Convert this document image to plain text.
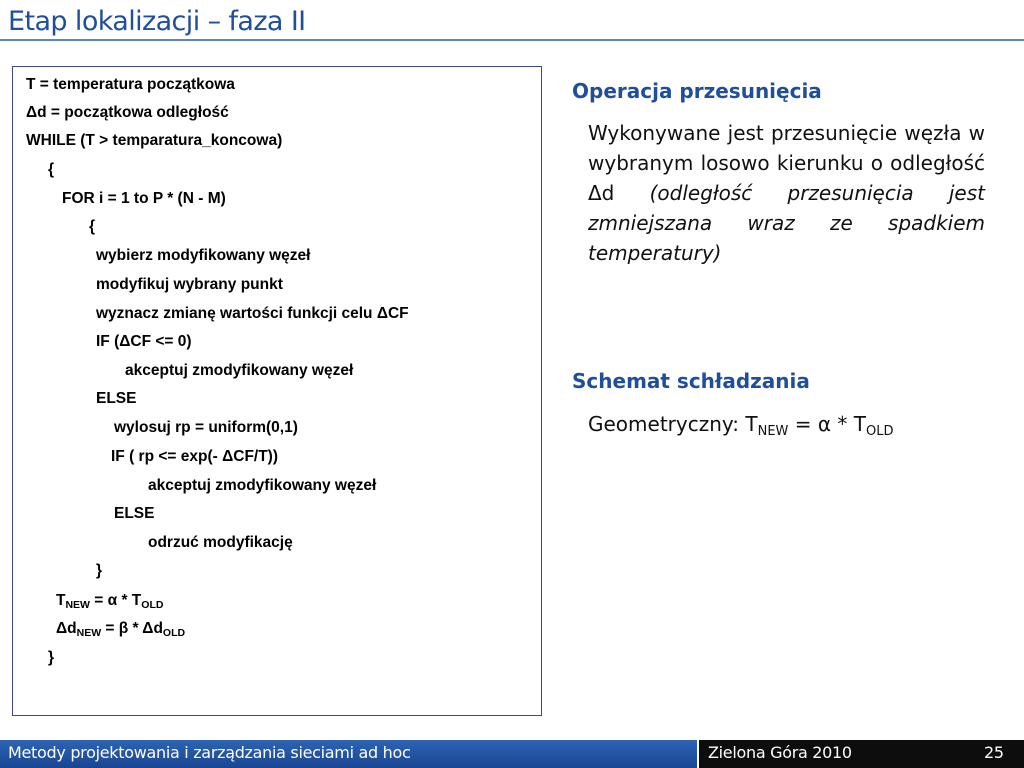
Etap lokalizacji – faza II
T = temperatura początkowa
Δd = początkowa odległość
WHILE (T > temparatura_koncowa)
{
FOR i = 1 to P * (N - M)
{
wybierz modyfikowany węzeł
modyfikuj wybrany punkt
wyznacz zmianę wartości funkcji celu ΔCF
IF (ΔCF <= 0)
akceptuj zmodyfikowany węzeł
ELSE
wylosuj rp = uniform(0,1)
IF ( rp <= exp(- ΔCF/T))
akceptuj zmodyfikowany węzeł
ELSE
odrzuć modyfikację
}
$T_{NEW} = \alpha * T_{OLD}$
$\Delta d_{NEW} = \beta * \Delta d_{OLD}$
}
Operacja przesunięcia
Wykonywane jest przesunięcie węzła w wybranym losowo kierunku o odległość Δd (odległość przesunięcia jest zmniejszana wraz ze spadkiem temperatury)
Schemat schładzania
Geometryczny: $T_{NEW} = \alpha * T_{OLD}$
Metody projektowania i zarządzania sieciami ad hoc	Zielona Góra 2010	25
